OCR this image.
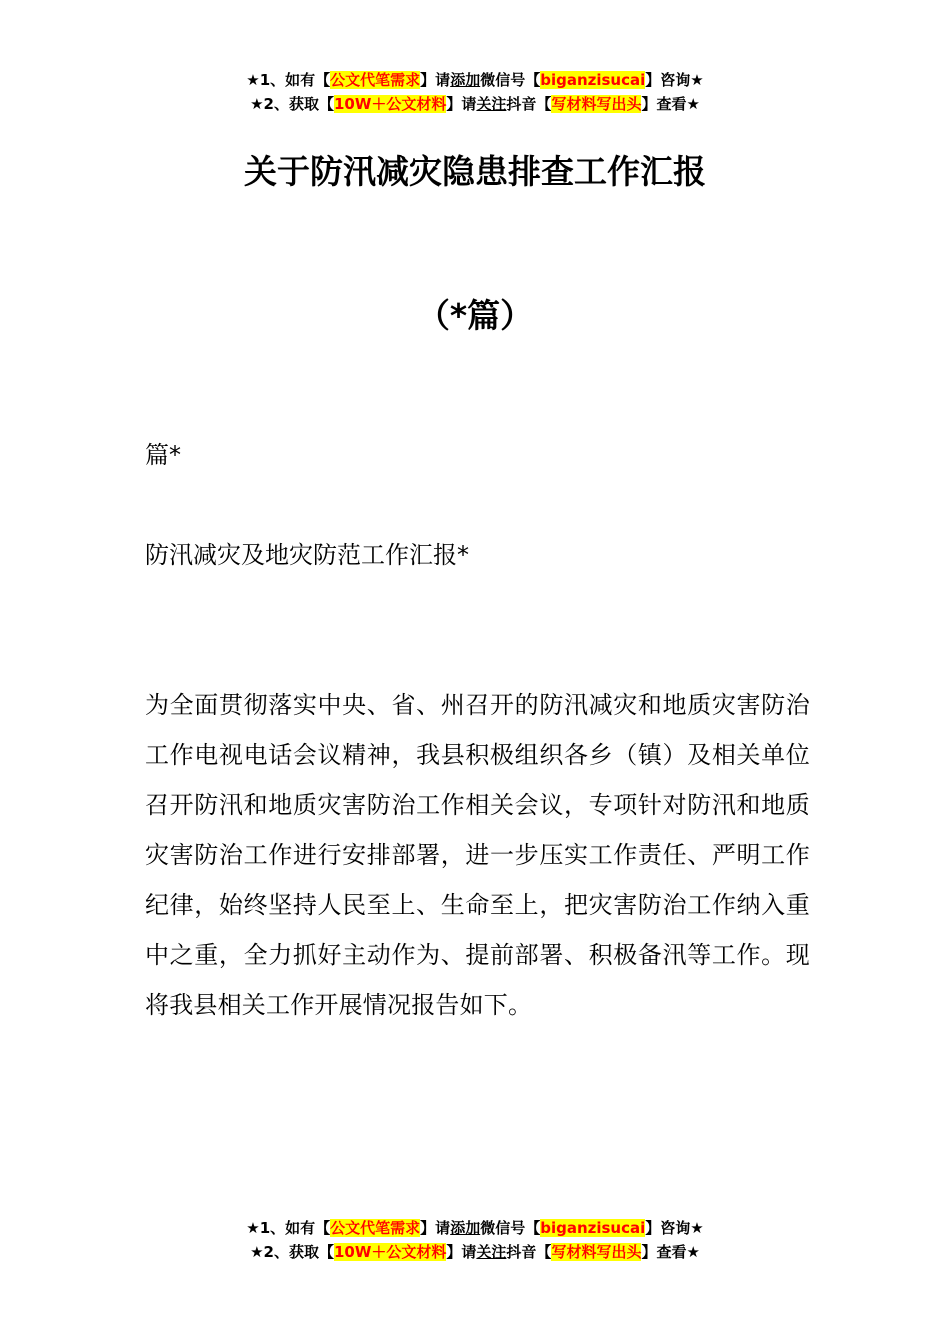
★1、如有【公文代笔需求】请添加微信号【biganzisucai】咨询★
★2、获取【10W＋公文材料】请关注抖音【写材料写出头】查看★
关于防汛减灾隐患排查工作汇报
（*篇）
篇*
防汛减灾及地灾防范工作汇报*
为全面贯彻落实中央、省、州召开的防汛减灾和地质灾害防治工作电视电话会议精神，我县积极组织各乡（镇）及相关单位召开防汛和地质灾害防治工作相关会议，专项针对防汛和地质灾害防治工作进行安排部署，进一步压实工作责任、严明工作纪律，始终坚持人民至上、生命至上，把灾害防治工作纳入重中之重，全力抓好主动作为、提前部署、积极备汛等工作。现将我县相关工作开展情况报告如下。
★1、如有【公文代笔需求】请添加微信号【biganzisucai】咨询★
★2、获取【10W＋公文材料】请关注抖音【写材料写出头】查看★
